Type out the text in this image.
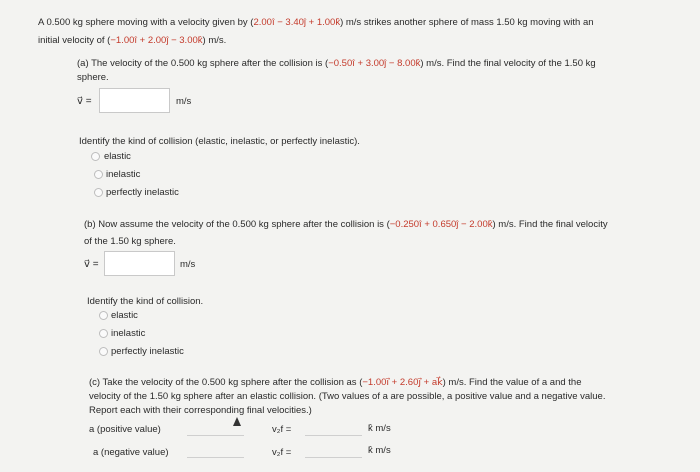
A 0.500 kg sphere moving with a velocity given by (2.00î − 3.40ĵ + 1.00k̂) m/s strikes another sphere of mass 1.50 kg moving with an
initial velocity of (−1.00î + 2.00ĵ − 3.00k̂) m/s.
(a) The velocity of the 0.500 kg sphere after the collision is (−0.50î + 3.00ĵ − 8.00k̂) m/s. Find the final velocity of the 1.50 kg
sphere.
v⃗ =	m/s
Identify the kind of collision (elastic, inelastic, or perfectly inelastic).
elastic
inelastic
perfectly inelastic
(b) Now assume the velocity of the 0.500 kg sphere after the collision is (−0.250î + 0.650ĵ − 2.00k̂) m/s. Find the final velocity
of the 1.50 kg sphere.
v⃗ =	m/s
Identify the kind of collision.
elastic
inelastic
perfectly inelastic
(c) Take the velocity of the 0.500 kg sphere after the collision as (−1.00i⃗ + 2.60j⃗ + ak⃗) m/s. Find the value of a and the
velocity of the 1.50 kg sphere after an elastic collision. (Two values of a are possible, a positive value and a negative value.
Report each with their corresponding final velocities.)
a (positive value)	v₂f =	k̂ m/s
a (negative value)	v₂f =	k̂ m/s
